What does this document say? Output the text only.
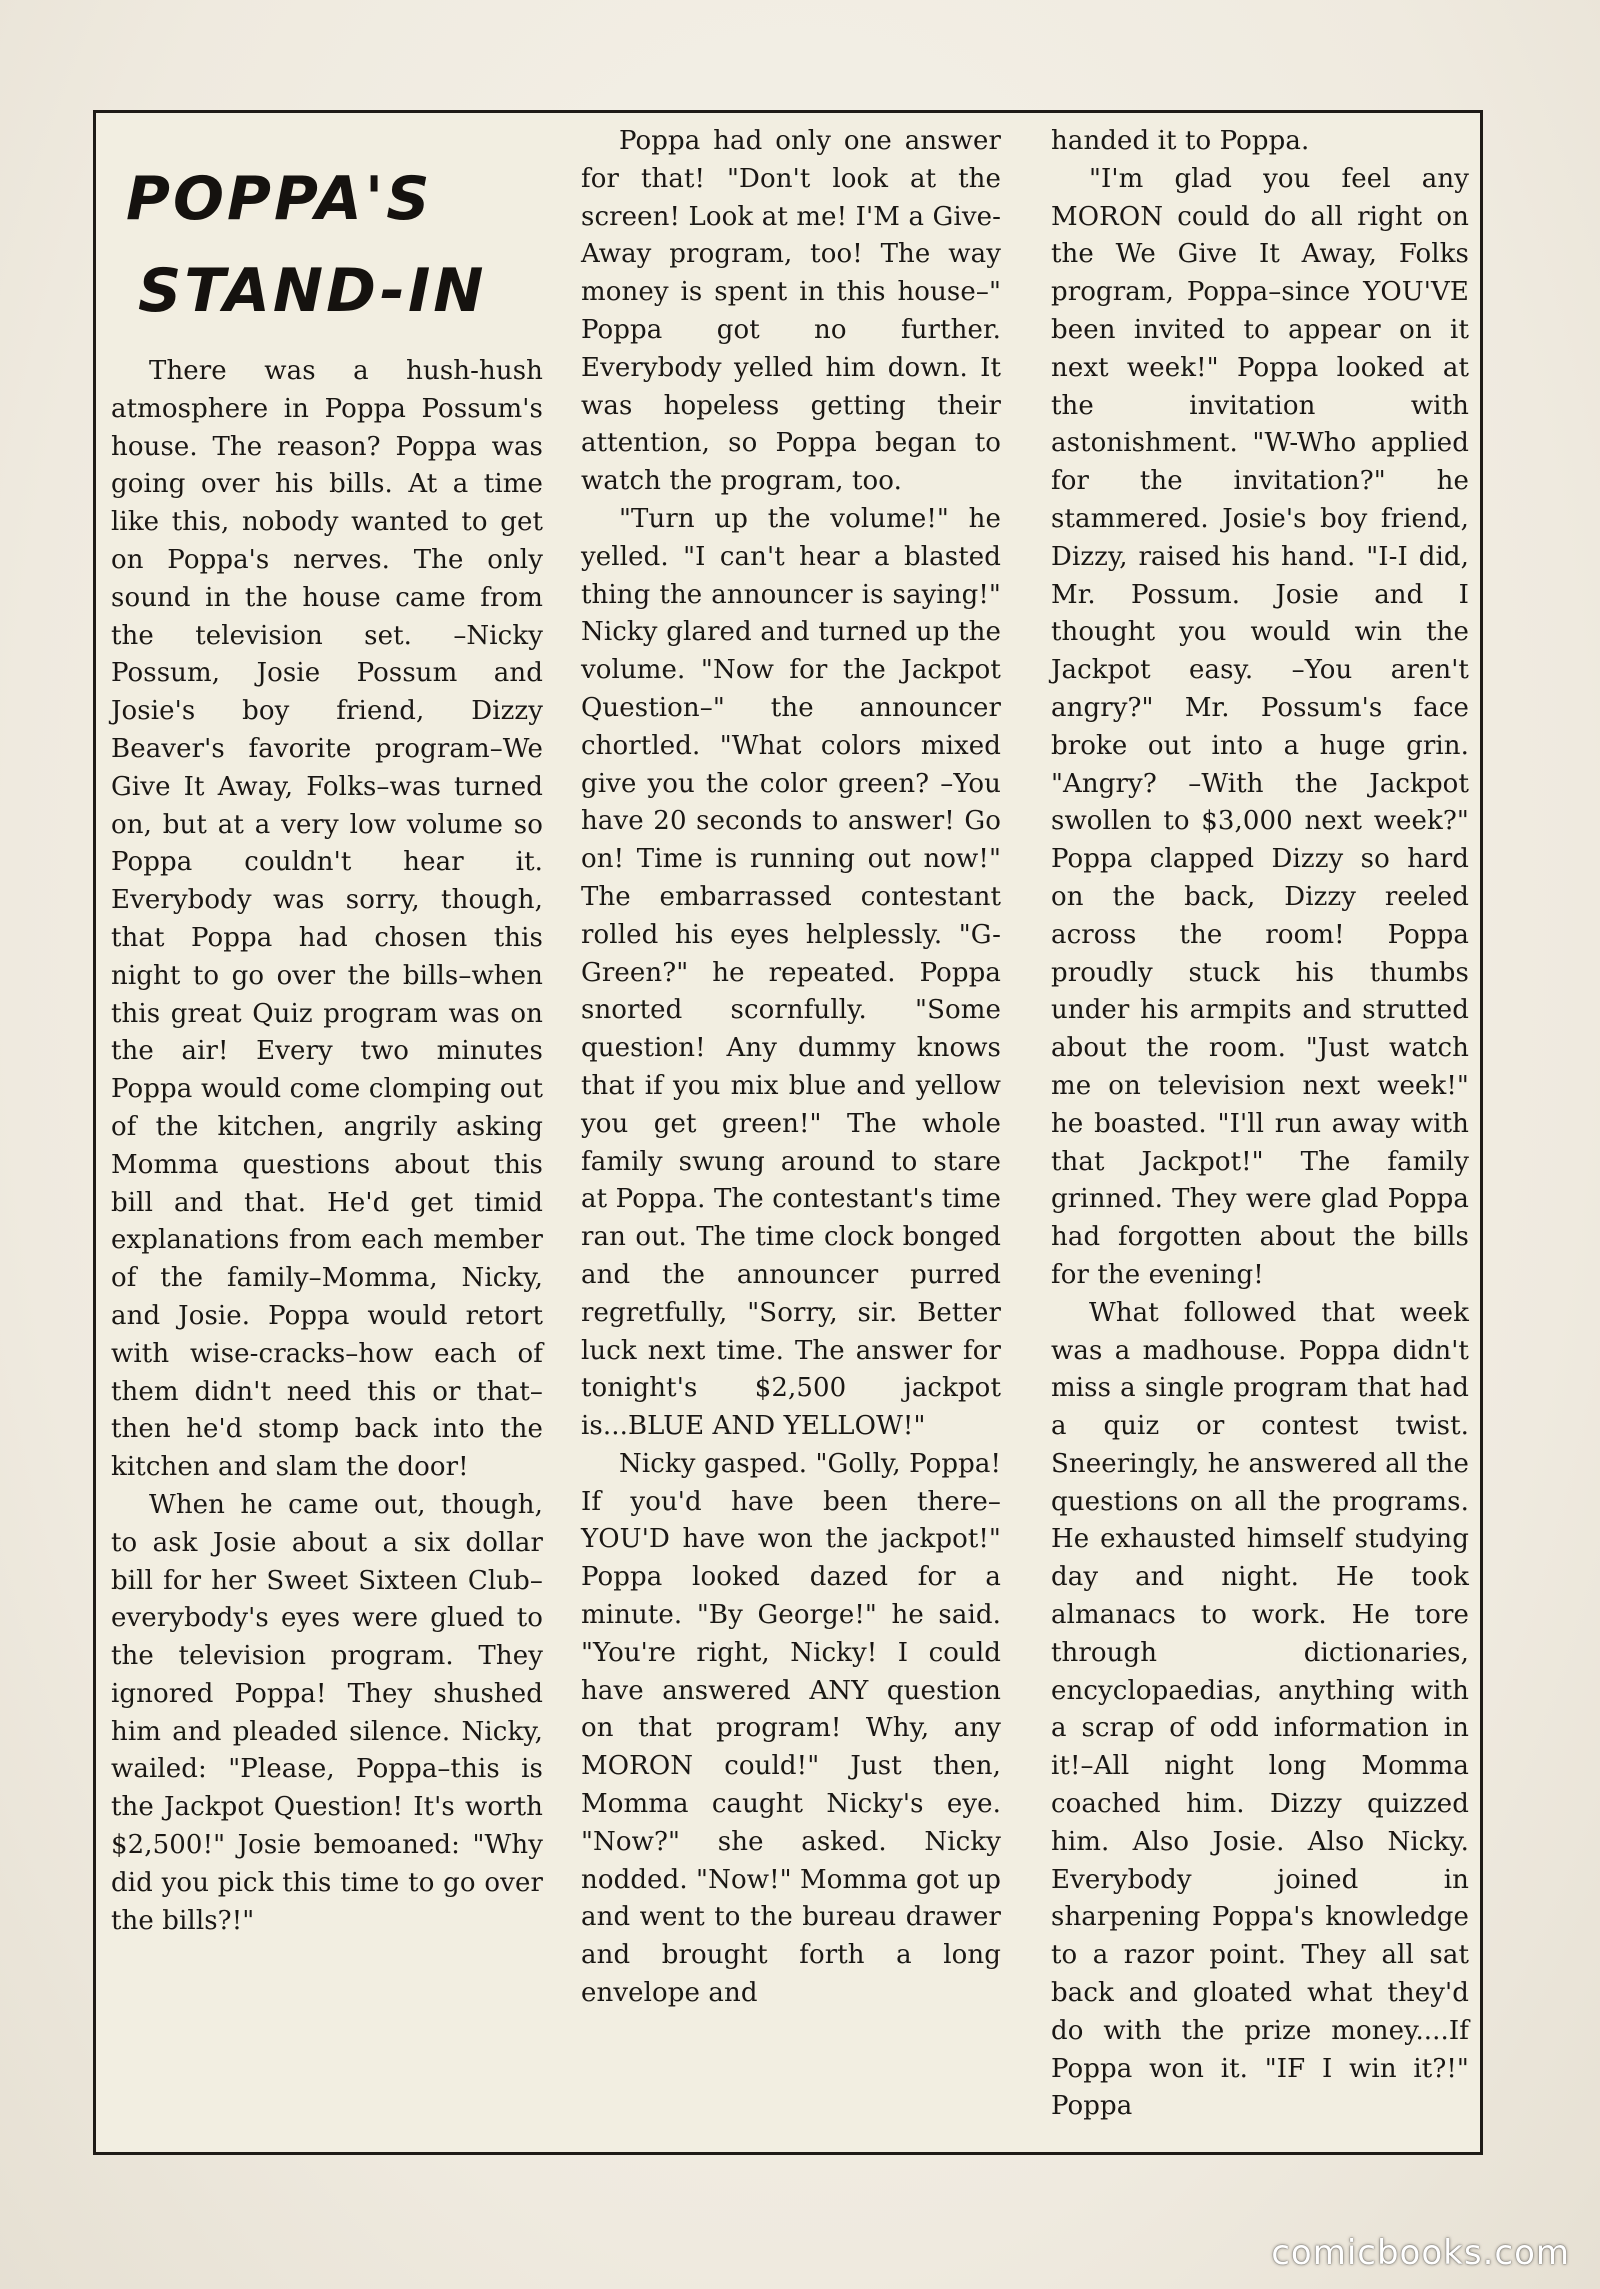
POPPA'S
STAND-IN

There was a hush-hush atmosphere in Poppa Possum's house. The reason? Poppa was going over his bills. At a time like this, nobody wanted to get on Poppa's nerves. The only sound in the house came from the television set. –Nicky Possum, Josie Possum and Josie's boy friend, Dizzy Beaver's favorite program–We Give It Away, Folks–was turned on, but at a very low volume so Poppa couldn't hear it. Everybody was sorry, though, that Poppa had chosen this night to go over the bills–when this great Quiz program was on the air! Every two minutes Poppa would come clomping out of the kitchen, angrily asking Momma questions about this bill and that. He'd get timid explanations from each member of the family–Momma, Nicky, and Josie. Poppa would retort with wise-cracks–how each of them didn't need this or that–then he'd stomp back into the kitchen and slam the door!

When he came out, though, to ask Josie about a six dollar bill for her Sweet Sixteen Club–everybody's eyes were glued to the television program. They ignored Poppa! They shushed him and pleaded silence. Nicky, wailed: "Please, Poppa–this is the Jackpot Question! It's worth $2,500!" Josie bemoaned: "Why did you pick this time to go over the bills?!"

Poppa had only one answer for that! "Don't look at the screen! Look at me! I'M a Give-Away program, too! The way money is spent in this house–" Poppa got no further. Everybody yelled him down. It was hopeless getting their attention, so Poppa began to watch the program, too.

"Turn up the volume!" he yelled. "I can't hear a blasted thing the announcer is saying!" Nicky glared and turned up the volume. "Now for the Jackpot Question–" the announcer chortled. "What colors mixed give you the color green? –You have 20 seconds to answer! Go on! Time is running out now!" The embarrassed contestant rolled his eyes helplessly. "G-Green?" he repeated. Poppa snorted scornfully. "Some question! Any dummy knows that if you mix blue and yellow you get green!" The whole family swung around to stare at Poppa. The contestant's time ran out. The time clock bonged and the announcer purred regretfully, "Sorry, sir. Better luck next time. The answer for tonight's $2,500 jackpot is...BLUE AND YELLOW!"

Nicky gasped. "Golly, Poppa! If you'd have been there–YOU'D have won the jackpot!" Poppa looked dazed for a minute. "By George!" he said. "You're right, Nicky! I could have answered ANY question on that program! Why, any MORON could!" Just then, Momma caught Nicky's eye. "Now?" she asked. Nicky nodded. "Now!" Momma got up and went to the bureau drawer and brought forth a long envelope and

handed it to Poppa.

"I'm glad you feel any MORON could do all right on the We Give It Away, Folks program, Poppa–since YOU'VE been invited to appear on it next week!" Poppa looked at the invitation with astonishment. "W-Who applied for the invitation?" he stammered. Josie's boy friend, Dizzy, raised his hand. "I-I did, Mr. Possum. Josie and I thought you would win the Jackpot easy. –You aren't angry?" Mr. Possum's face broke out into a huge grin. "Angry? –With the Jackpot swollen to $3,000 next week?" Poppa clapped Dizzy so hard on the back, Dizzy reeled across the room! Poppa proudly stuck his thumbs under his armpits and strutted about the room. "Just watch me on television next week!" he boasted. "I'll run away with that Jackpot!" The family grinned. They were glad Poppa had forgotten about the bills for the evening!

What followed that week was a madhouse. Poppa didn't miss a single program that had a quiz or contest twist. Sneeringly, he answered all the questions on all the programs. He exhausted himself studying day and night. He took almanacs to work. He tore through dictionaries, encyclopaedias, anything with a scrap of odd information in it!–All night long Momma coached him. Dizzy quizzed him. Also Josie. Also Nicky. Everybody joined in sharpening Poppa's knowledge to a razor point. They all sat back and gloated what they'd do with the prize money....If Poppa won it. "IF I win it?!" Poppa

comicbooks.com
